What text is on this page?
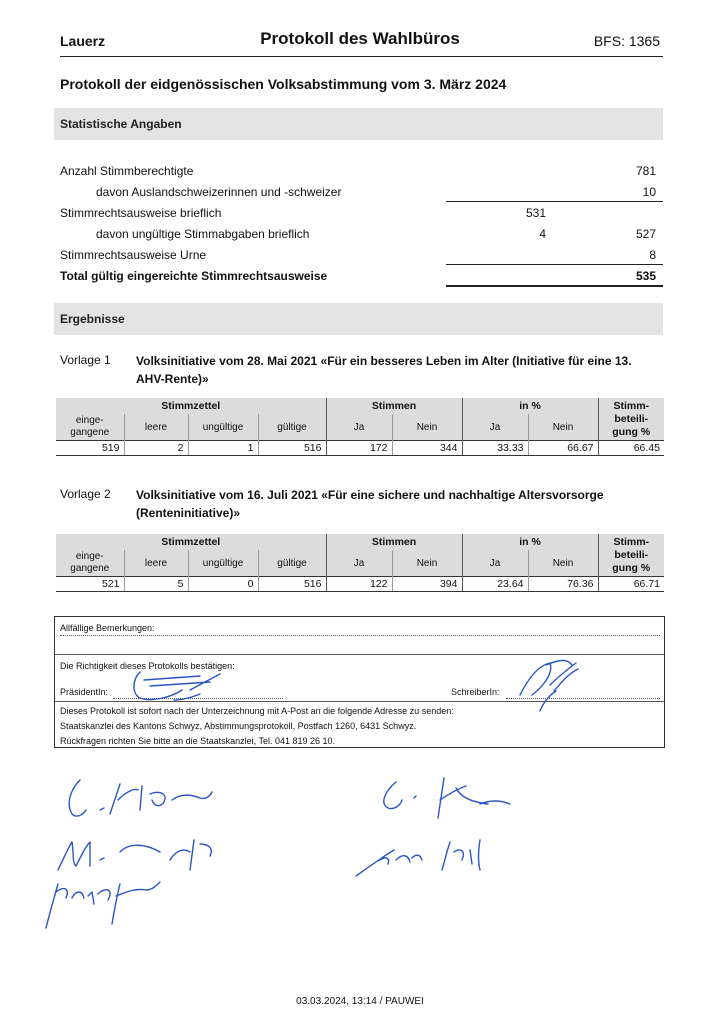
Lauerz	Protokoll des Wahlbüros	BFS: 1365
Protokoll der eidgenössischen Volksabstimmung vom 3. März 2024
Statistische Angaben
Anzahl Stimmberechtigte	781
davon Auslandschweizerinnen und -schweizer	10
Stimmrechtsausweise brieflich	531
davon ungültige Stimmabgaben brieflich	4	527
Stimmrechtsausweise Urne	8
Total gültig eingereichte Stimmrechtsausweise	535
Ergebnisse
Vorlage 1 Volksinitiative vom 28. Mai 2021 «Für ein besseres Leben im Alter (Initiative für eine 13. AHV-Rente)»
Stimmzettel				Stimmen		in %		Stimm-
beteili-
gung %
einge-
gangene	leere	ungültige	gültige	Ja	Nein	Ja	Nein	
519	2	1	516	172	344	33.33	66.67	66.45
Vorlage 2 Volksinitiative vom 16. Juli 2021 «Für eine sichere und nachhaltige Altersvorsorge (Renteninitiative)»
Stimmzettel				Stimmen		in %		Stimm-
beteili-
gung %
einge-
gangene	leere	ungültige	gültige	Ja	Nein	Ja	Nein	
521	5	0	516	122	394	23.64	76.36	66.71
Allfällige Bemerkungen:
Die Richtigkeit dieses Protokolls bestätigen:
PräsidentIn:	SchreiberIn:
Dieses Protokoll ist sofort nach der Unterzeichnung mit A-Post an die folgende Adresse zu senden:
Staatskanzlei des Kantons Schwyz, Abstimmungsprotokoll, Postfach 1260, 6431 Schwyz.
Rückfragen richten Sie bitte an die Staatskanzlei, Tel. 041 819 26 10.
03.03.2024, 13:14 / PAUWEI
